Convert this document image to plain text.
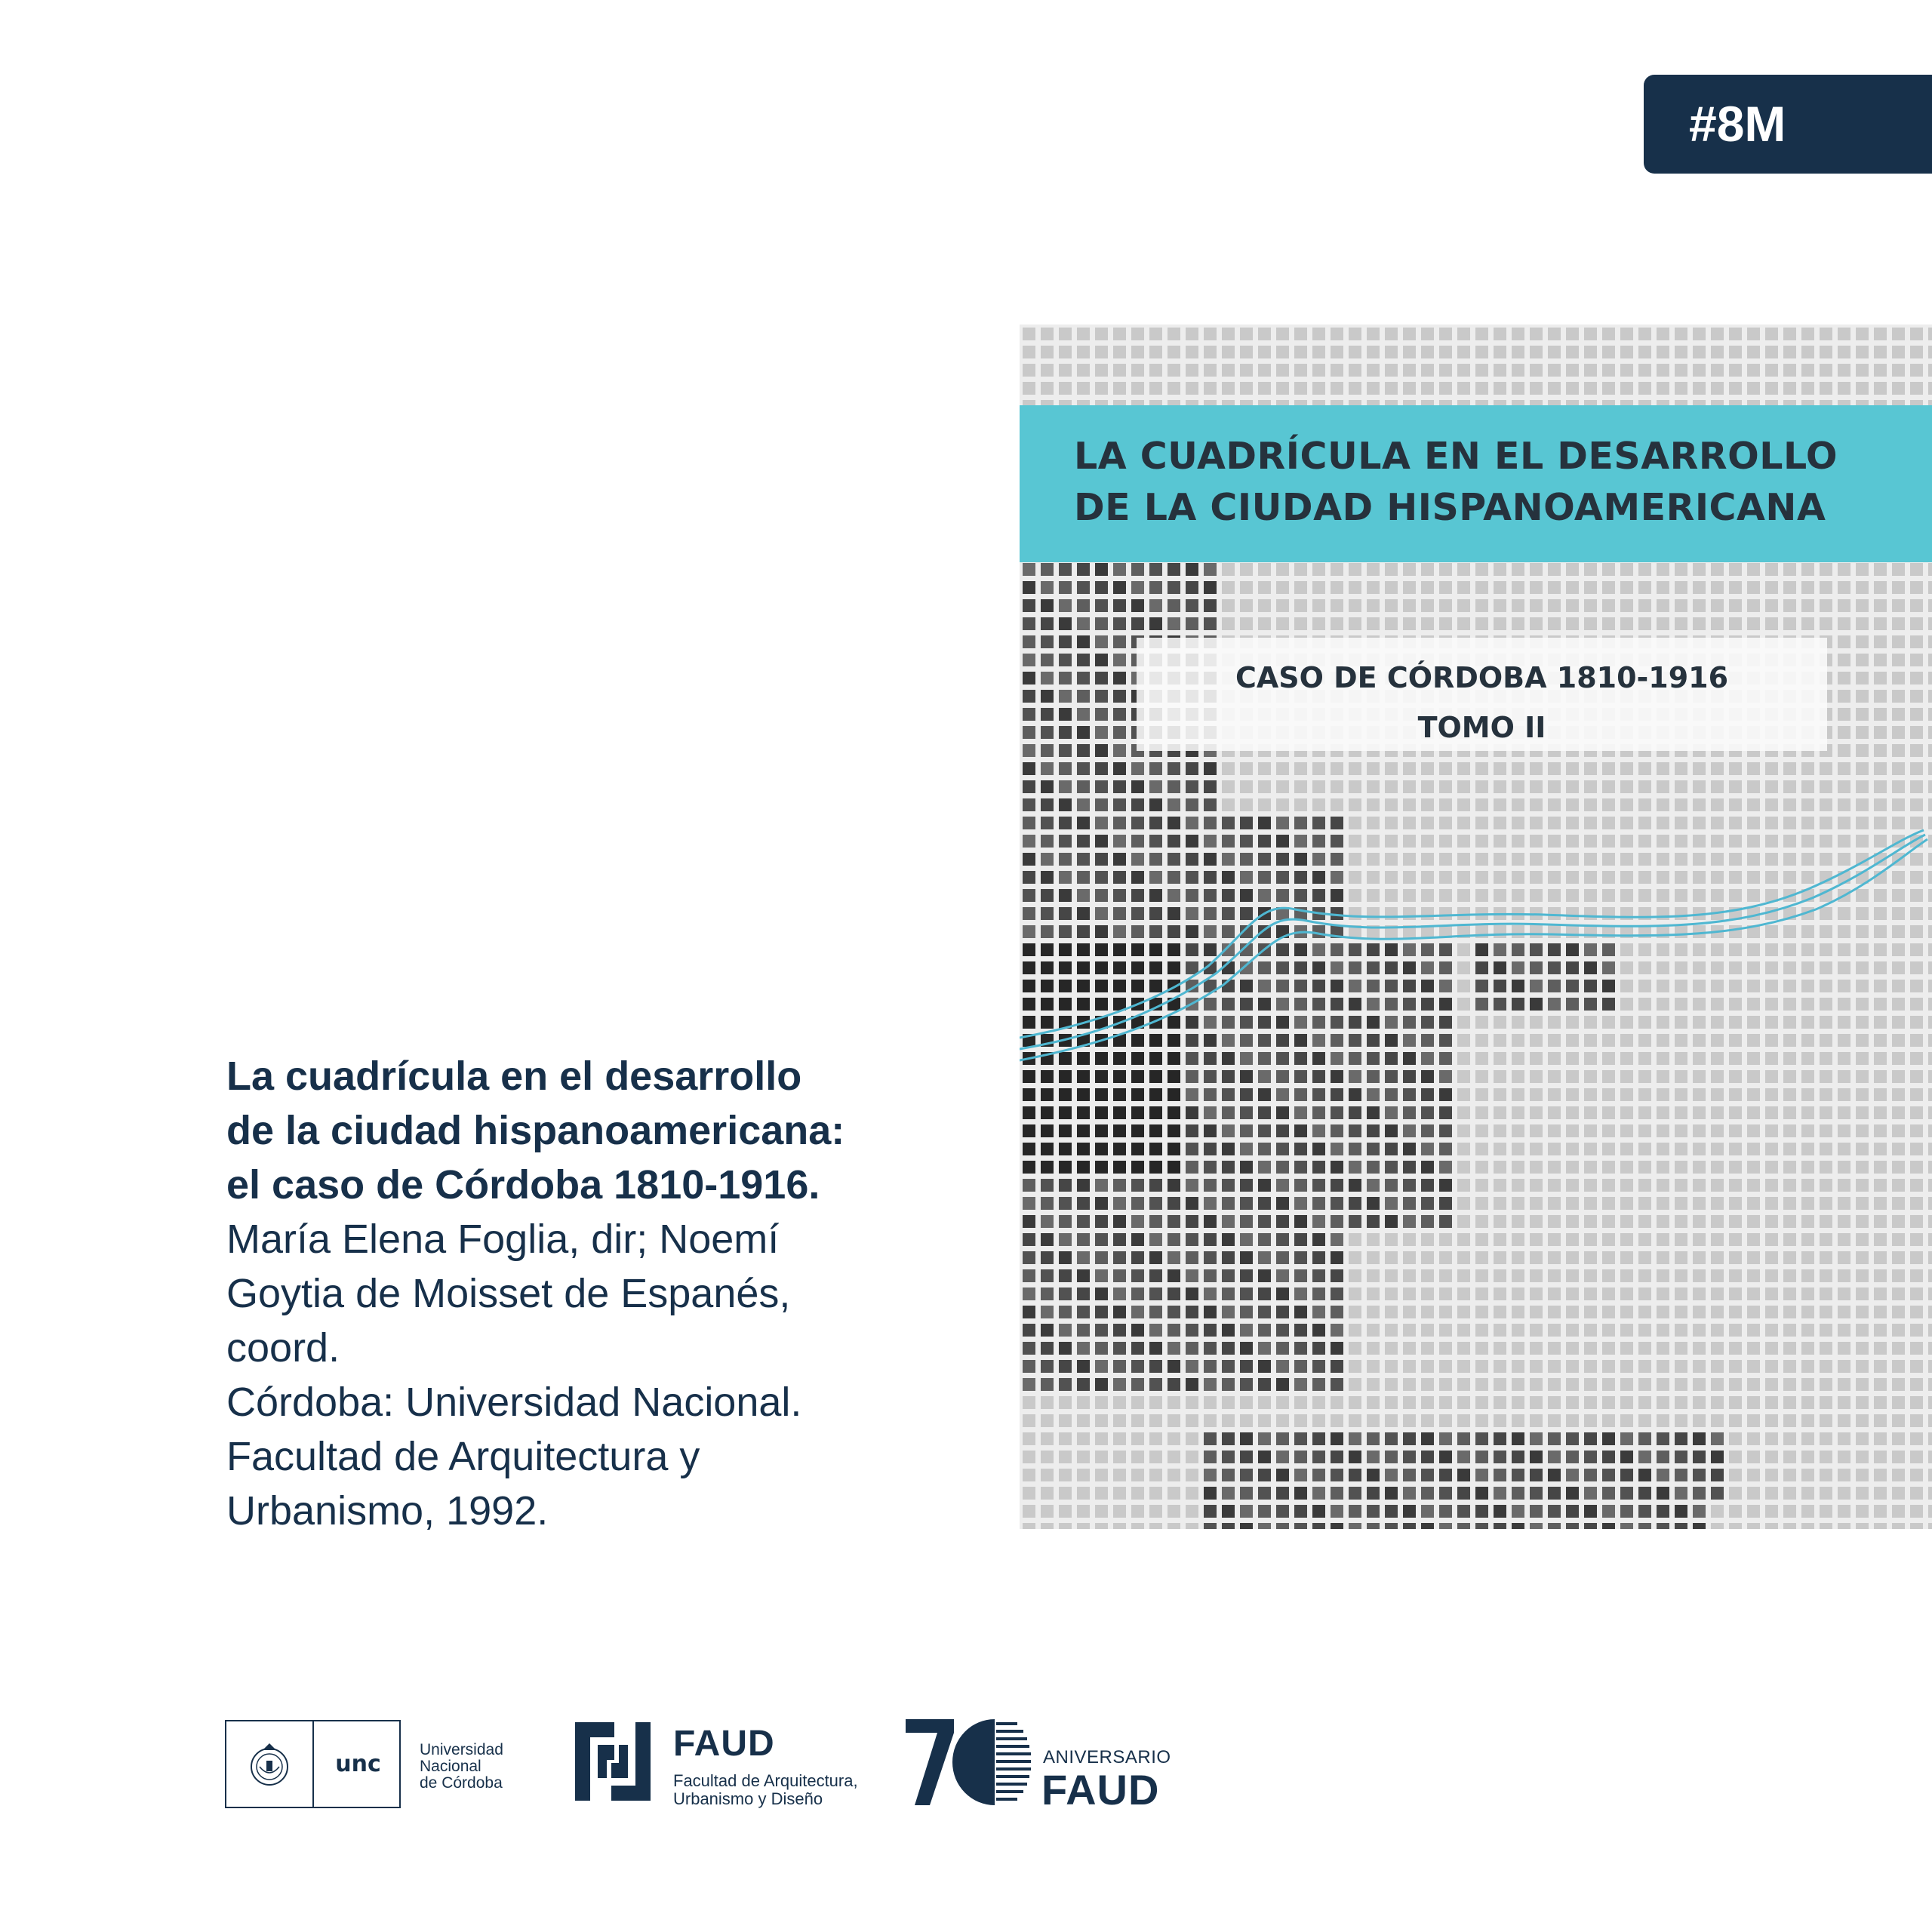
#8M
LA CUADRÍCULA EN EL DESARROLLO
DE LA CIUDAD HISPANOAMERICANA
CASO DE CÓRDOBA 1810-1916
TOMO II
La cuadrícula en el desarrollo
de la ciudad hispanoamericana:
el caso de Córdoba 1810-1916.
María Elena Foglia, dir; Noemí
Goytia de Moisset de Espanés,
coord.
Córdoba: Universidad Nacional.
Facultad de Arquitectura y
Urbanismo, 1992.
unc
Universidad
Nacional
de Córdoba
FAUD
Facultad de Arquitectura,
Urbanismo y Diseño
ANIVERSARIO
FAUD
